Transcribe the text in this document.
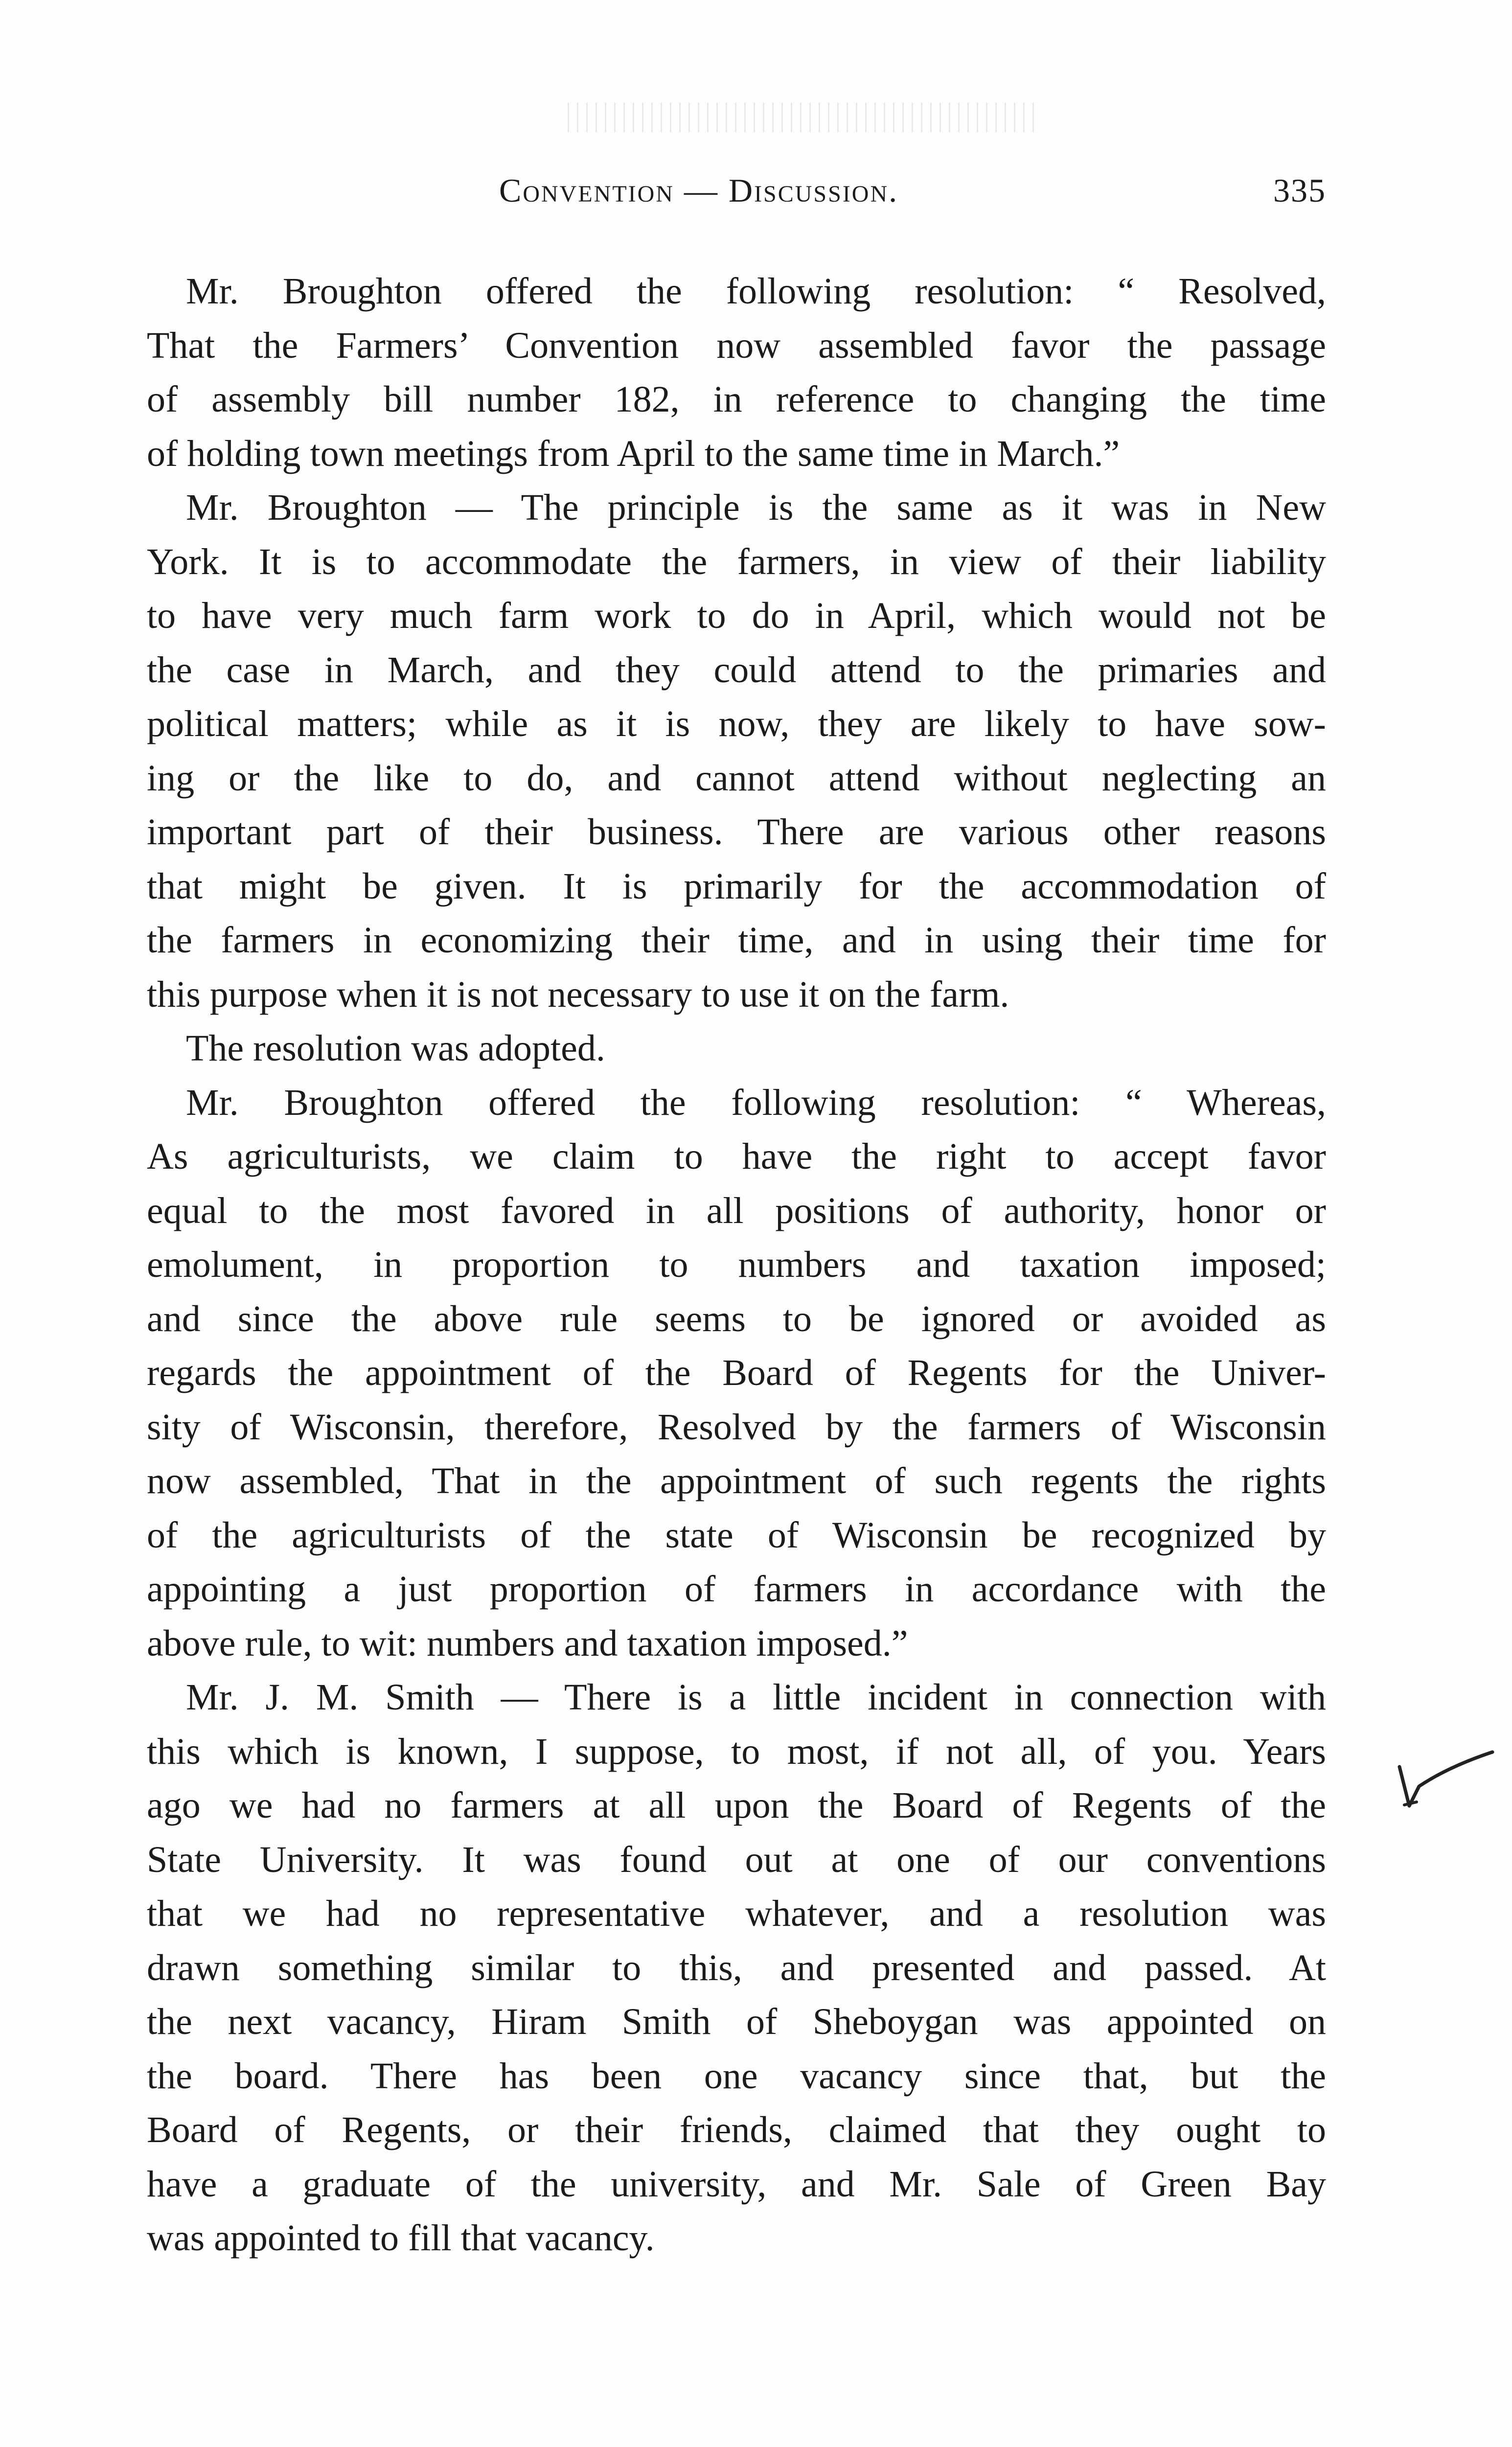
Convention — Discussion.	335
Mr. Broughton offered the following resolution: “ Resolved,
That the Farmers’ Convention now assembled favor the passage
of assembly bill number 182, in reference to changing the time
of holding town meetings from April to the same time in March.”
Mr. Broughton — The principle is the same as it was in New
York. It is to accommodate the farmers, in view of their liability
to have very much farm work to do in April, which would not be
the case in March, and they could attend to the primaries and
political matters; while as it is now, they are likely to have sow-
ing or the like to do, and cannot attend without neglecting an
important part of their business. There are various other reasons
that might be given. It is primarily for the accommodation of
the farmers in economizing their time, and in using their time for
this purpose when it is not necessary to use it on the farm.
The resolution was adopted.
Mr. Broughton offered the following resolution: “ Whereas,
As agriculturists, we claim to have the right to accept favor
equal to the most favored in all positions of authority, honor or
emolument, in proportion to numbers and taxation imposed;
and since the above rule seems to be ignored or avoided as
regards the appointment of the Board of Regents for the Univer-
sity of Wisconsin, therefore, Resolved by the farmers of Wisconsin
now assembled, That in the appointment of such regents the rights
of the agriculturists of the state of Wisconsin be recognized by
appointing a just proportion of farmers in accordance with the
above rule, to wit: numbers and taxation imposed.”
Mr. J. M. Smith — There is a little incident in connection with
this which is known, I suppose, to most, if not all, of you. Years
ago we had no farmers at all upon the Board of Regents of the
State University. It was found out at one of our conventions
that we had no representative whatever, and a resolution was
drawn something similar to this, and presented and passed. At
the next vacancy, Hiram Smith of Sheboygan was appointed on
the board. There has been one vacancy since that, but the
Board of Regents, or their friends, claimed that they ought to
have a graduate of the university, and Mr. Sale of Green Bay
was appointed to fill that vacancy.
